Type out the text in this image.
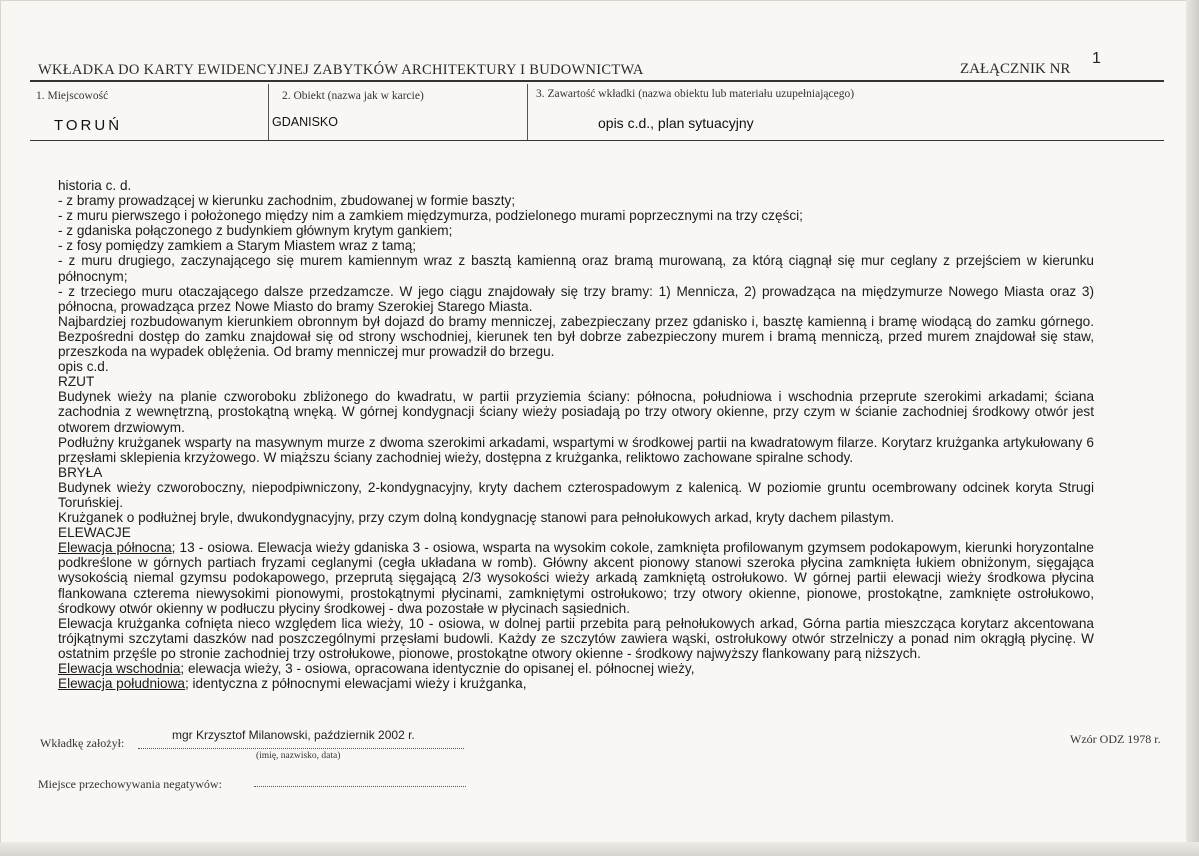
WKŁADKA DO KARTY EWIDENCYJNEJ ZABYTKÓW ARCHITEKTURY I BUDOWNICTWA	ZAŁĄCZNIK NR
1
1. Miejscowość
TORUŃ
2. Obiekt (nazwa jak w karcie)
GDANISKO
3. Zawartość wkładki (nazwa obiektu lub materiału uzupełniającego)
opis c.d., plan sytuacyjny

historia c. d.

- z bramy prowadzącej w kierunku zachodnim, zbudowanej w formie baszty;

- z muru pierwszego i położonego między nim a zamkiem międzymurza, podzielonego murami poprzecznymi na trzy części;

- z gdaniska połączonego z budynkiem głównym krytym gankiem;

- z fosy pomiędzy zamkiem a Starym Miastem wraz z tamą;

- z muru drugiego, zaczynającego się murem kamiennym wraz z basztą kamienną oraz bramą murowaną, za którą ciągnął się mur ceglany z przejściem w kierunku północnym;

- z trzeciego muru otaczającego dalsze przedzamcze. W jego ciągu znajdowały się trzy bramy: 1) Mennicza, 2) prowadząca na międzymurze Nowego Miasta oraz 3) północna, prowadząca przez Nowe Miasto do bramy Szerokiej Starego Miasta.

Najbardziej rozbudowanym kierunkiem obronnym był dojazd do bramy menniczej, zabezpieczany przez gdanisko i, basztę kamienną i bramę wiodącą do zamku górnego. Bezpośredni dostęp do zamku znajdował się od strony wschodniej, kierunek ten był dobrze zabezpieczony murem i bramą menniczą, przed murem znajdował się staw, przeszkoda na wypadek oblężenia. Od bramy menniczej mur prowadził do brzegu.

opis c.d.

RZUT

Budynek wieży na planie czworoboku zbliżonego do kwadratu, w partii przyziemia ściany: północna, południowa i wschodnia przeprute szerokimi arkadami; ściana zachodnia z wewnętrzną, prostokątną wnęką. W górnej kondygnacji ściany wieży posiadają po trzy otwory okienne, przy czym w ścianie zachodniej środkowy otwór jest otworem drzwiowym.

Podłużny krużganek wsparty na masywnym murze z dwoma szerokimi arkadami, wspartymi w środkowej partii na kwadratowym filarze. Korytarz krużganka artykułowany 6 przęsłami sklepienia krzyżowego. W miąższu ściany zachodniej wieży, dostępna z krużganka, reliktowo zachowane spiralne schody.

BRYŁA

Budynek wieży czworoboczny, niepodpiwniczony, 2-kondygnacyjny, kryty dachem czterospadowym z kalenicą. W poziomie gruntu ocembrowany odcinek koryta Strugi Toruńskiej.

Krużganek o podłużnej bryle, dwukondygnacyjny, przy czym dolną kondygnację stanowi para pełnołukowych arkad, kryty dachem pilastym.

ELEWACJE

Elewacja północna; 13 - osiowa. Elewacja wieży gdaniska 3 - osiowa, wsparta na wysokim cokole, zamknięta profilowanym gzymsem podokapowym, kierunki horyzontalne podkreślone w górnych partiach fryzami ceglanymi (cegła układana w romb). Główny akcent pionowy stanowi szeroka płycina zamknięta łukiem obniżonym, sięgająca wysokością niemal gzymsu podokapowego, przeprutą sięgającą 2/3 wysokości wieży arkadą zamkniętą ostrołukowo. W górnej partii elewacji wieży środkowa płycina flankowana czterema niewysokimi pionowymi, prostokątnymi płycinami, zamkniętymi ostrołukowo; trzy otwory okienne, pionowe, prostokątne, zamknięte ostrołukowo, środkowy otwór okienny w podłuczu płyciny środkowej - dwa pozostałe w płycinach sąsiednich.

Elewacja krużganka cofnięta nieco względem lica wieży, 10 - osiowa, w dolnej partii przebita parą pełnołukowych arkad, Górna partia mieszcząca korytarz akcentowana trójkątnymi szczytami daszków nad poszczególnymi przęsłami budowli. Każdy ze szczytów zawiera wąski, ostrołukowy otwór strzelniczy a ponad nim okrągłą płycinę. W ostatnim przęśle po stronie zachodniej trzy ostrołukowe, pionowe, prostokątne otwory okienne - środkowy najwyższy flankowany parą niższych.

Elewacja wschodnia; elewacja wieży, 3 - osiowa, opracowana identycznie do opisanej el. północnej wieży,

Elewacja południowa; identyczna z północnymi elewacjami wieży i krużganka,

Wkładkę założył:
mgr Krzysztof Milanowski, październik 2002 r.
(imię, nazwisko, data)
Miejsce przechowywania negatywów:
Wzór ODZ 1978 r.
